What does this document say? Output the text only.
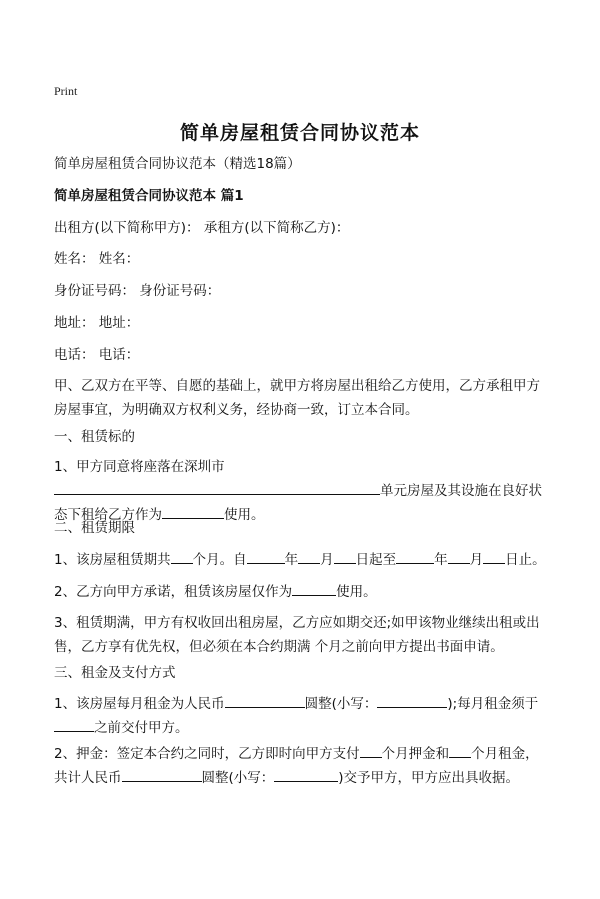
Print
简单房屋租赁合同协议范本
简单房屋租赁合同协议范本（精选18篇）
简单房屋租赁合同协议范本 篇1
出租方(以下简称甲方)： 承租方(以下简称乙方)：
姓名： 姓名：
身份证号码： 身份证号码：
地址： 地址：
电话： 电话：
甲、乙双方在平等、自愿的基础上，就甲方将房屋出租给乙方使用，乙方承租甲方
房屋事宜，为明确双方权利义务，经协商一致，订立本合同。
一、租赁标的
1、甲方同意将座落在深圳市
单元房屋及其设施在良好状
态下租给乙方作为	使用。
二、租赁期限
1、该房屋租赁期共 个月。自	年 月 日起至	年 月 日止。
2、乙方向甲方承诺，租赁该房屋仅作为	使用。
3、租赁期满，甲方有权收回出租房屋，乙方应如期交还;如甲该物业继续出租或出
售，乙方享有优先权，但必须在本合约期满 个月之前向甲方提出书面申请。
三、租金及支付方式
1、该房屋每月租金为人民币	圆整(小写：	);每月租金须于
之前交付甲方。
2、押金：签定本合约之同时，乙方即时向甲方支付 个月押金和 个月租金，
共计人民币	圆整(小写：	)交予甲方，甲方应出具收据。
